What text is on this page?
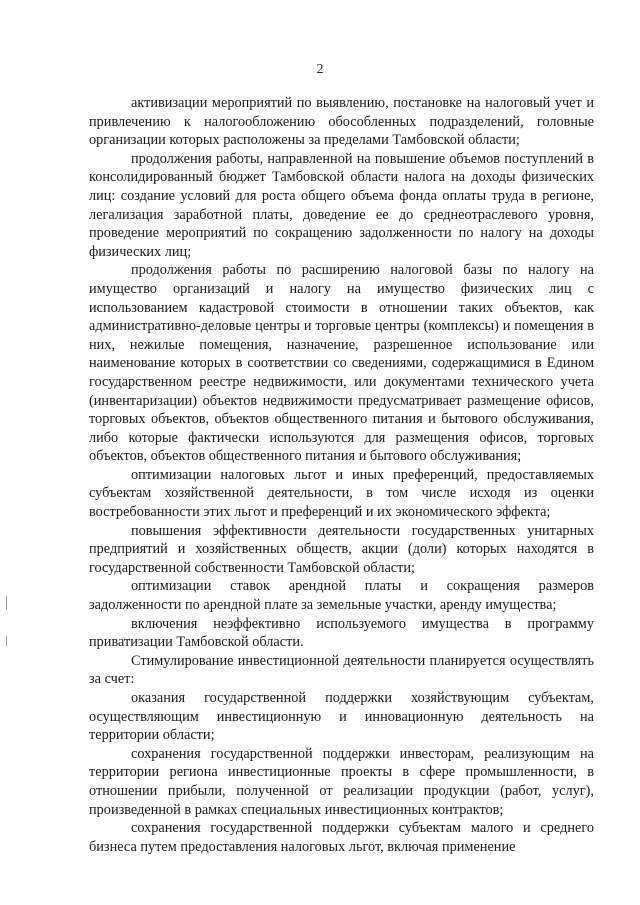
2

активизации мероприятий по выявлению, постановке на налоговый учет и привлечению к налогообложению обособленных подразделений, головные организации которых расположены за пределами Тамбовской области;

продолжения работы, направленной на повышение объемов поступлений в консолидированный бюджет Тамбовской области налога на доходы физических лиц: создание условий для роста общего объема фонда оплаты труда в регионе, легализация заработной платы, доведение ее до среднеотраслевого уровня, проведение мероприятий по сокращению задолженности по налогу на доходы физических лиц;

продолжения работы по расширению налоговой базы по налогу на имущество организаций и налогу на имущество физических лиц с использованием кадастровой стоимости в отношении таких объектов, как административно-деловые центры и торговые центры (комплексы) и помещения в них, нежилые помещения, назначение, разрешенное использование или наименование которых в соответствии со сведениями, содержащимися в Едином государственном реестре недвижимости, или документами технического учета (инвентаризации) объектов недвижимости предусматривает размещение офисов, торговых объектов, объектов общественного питания и бытового обслуживания, либо которые фактически используются для размещения офисов, торговых объектов, объектов общественного питания и бытового обслуживания;

оптимизации налоговых льгот и иных преференций, предоставляемых субъектам хозяйственной деятельности, в том числе исходя из оценки востребованности этих льгот и преференций и их экономического эффекта;

повышения эффективности деятельности государственных унитарных предприятий и хозяйственных обществ, акции (доли) которых находятся в государственной собственности Тамбовской области;

оптимизации ставок арендной платы и сокращения размеров задолженности по арендной плате за земельные участки, аренду имущества;

включения неэффективно используемого имущества в программу приватизации Тамбовской области.

Стимулирование инвестиционной деятельности планируется осуществлять за счет:

оказания государственной поддержки хозяйствующим субъектам, осуществляющим инвестиционную и инновационную деятельность на территории области;

сохранения государственной поддержки инвесторам, реализующим на территории региона инвестиционные проекты в сфере промышленности, в отношении прибыли, полученной от реализации продукции (работ, услуг), произведенной в рамках специальных инвестиционных контрактов;

сохранения государственной поддержки субъектам малого и среднего бизнеса путем предоставления налоговых льгот, включая применение
